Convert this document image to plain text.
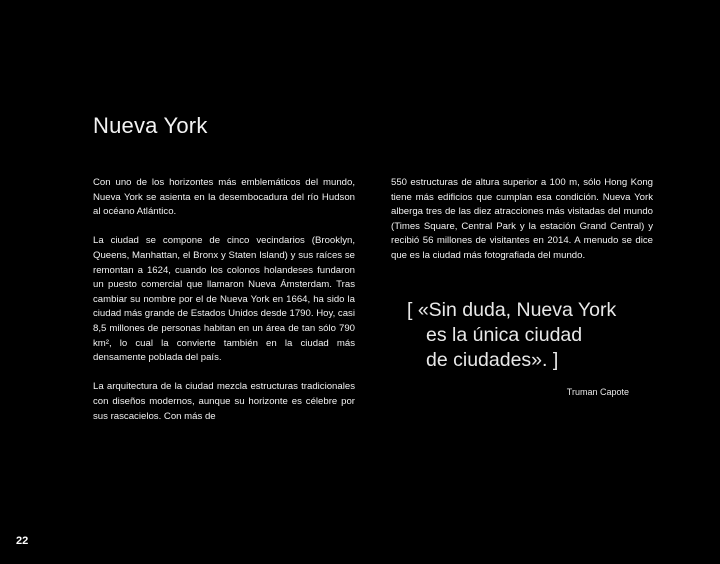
Nueva York

Con uno de los horizontes más emblemáticos del mundo, Nueva York se asienta en la desembocadura del río Hudson al océano Atlántico.

La ciudad se compone de cinco vecindarios (Brooklyn, Queens, Manhattan, el Bronx y Staten Island) y sus raíces se remontan a 1624, cuando los colonos holandeses fundaron un puesto comercial que llamaron Nueva Ámsterdam. Tras cambiar su nombre por el de Nueva York en 1664, ha sido la ciudad más grande de Estados Unidos desde 1790. Hoy, casi 8,5 millones de personas habitan en un área de tan sólo 790 km², lo cual la convierte también en la ciudad más densamente poblada del país.

La arquitectura de la ciudad mezcla estructuras tradicionales con diseños modernos, aunque su horizonte es célebre por sus rascacielos. Con más de

550 estructuras de altura superior a 100 m, sólo Hong Kong tiene más edificios que cumplan esa condición. Nueva York alberga tres de las diez atracciones más visitadas del mundo (Times Square, Central Park y la estación Grand Central) y recibió 56 millones de visitantes en 2014. A menudo se dice que es la ciudad más fotografiada del mundo.

[ «Sin duda, Nueva York
es la única ciudad
de ciudades». ]
Truman Capote
22
